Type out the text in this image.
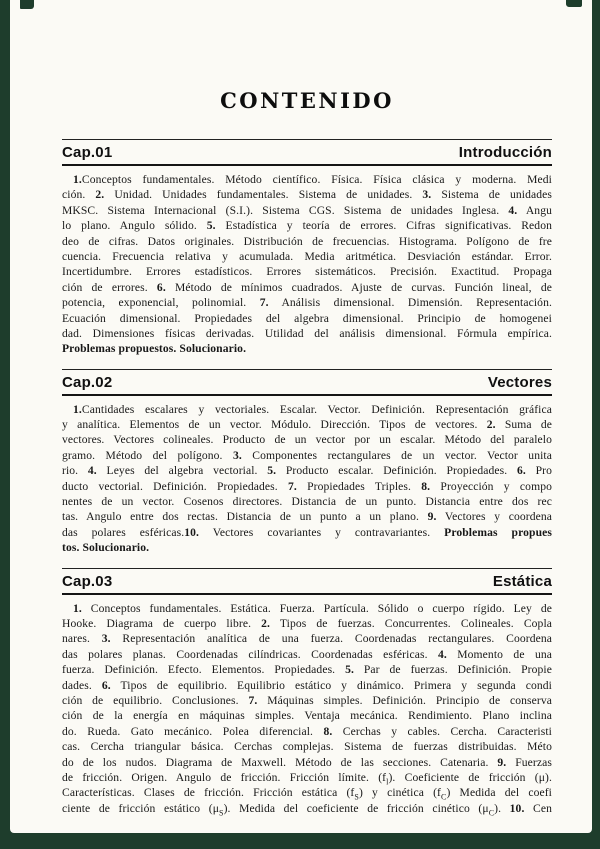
CONTENIDO
Cap.01	Introducción
1.Conceptos fundamentales. Método científico. Física. Física clásica y moderna. Medi
ción. 2. Unidad. Unidades fundamentales. Sistema de unidades. 3. Sistema de unidades
MKSC. Sistema Internacional (S.I.). Sistema CGS. Sistema de unidades Inglesa. 4. Angu
lo plano. Angulo sólido. 5. Estadística y teoría de errores. Cifras significativas. Redon
deo de cifras. Datos originales. Distribución de frecuencias. Histograma. Polígono de fre
cuencia. Frecuencia relativa y acumulada. Media aritmética. Desviación estándar. Error.
Incertidumbre. Errores estadísticos. Errores sistemáticos. Precisión. Exactitud. Propaga
ción de errores. 6. Método de mínimos cuadrados. Ajuste de curvas. Función lineal, de
potencia, exponencial, polinomial. 7. Análisis dimensional. Dimensión. Representación.
Ecuación dimensional. Propiedades del algebra dimensional. Principio de homogenei
dad. Dimensiones físicas derivadas. Utilidad del análisis dimensional. Fórmula empírica.
Problemas propuestos. Solucionario.
Cap.02	Vectores
1.Cantidades escalares y vectoriales. Escalar. Vector. Definición. Representación gráfica
y analítica. Elementos de un vector. Módulo. Dirección. Tipos de vectores. 2. Suma de
vectores. Vectores colineales. Producto de un vector por un escalar. Método del paralelo
gramo. Método del polígono. 3. Componentes rectangulares de un vector. Vector unita
rio. 4. Leyes del algebra vectorial. 5. Producto escalar. Definición. Propiedades. 6. Pro
ducto vectorial. Definición. Propiedades. 7. Propiedades Triples. 8. Proyección y compo
nentes de un vector. Cosenos directores. Distancia de un punto. Distancia entre dos rec
tas. Angulo entre dos rectas. Distancia de un punto a un plano. 9. Vectores y coordena
das polares esféricas.10. Vectores covariantes y contravariantes. Problemas propues
tos. Solucionario.
Cap.03	Estática
1. Conceptos fundamentales. Estática. Fuerza. Partícula. Sólido o cuerpo rígido. Ley de
Hooke. Diagrama de cuerpo libre. 2. Tipos de fuerzas. Concurrentes. Colineales. Copla
nares. 3. Representación analítica de una fuerza. Coordenadas rectangulares. Coordena
das polares planas. Coordenadas cilíndricas. Coordenadas esféricas. 4. Momento de una
fuerza. Definición. Efecto. Elementos. Propiedades. 5. Par de fuerzas. Definición. Propie
dades. 6. Tipos de equilibrio. Equilibrio estático y dinámico. Primera y segunda condi
ción de equilibrio. Conclusiones. 7. Máquinas simples. Definición. Principio de conserva
ción de la energía en máquinas simples. Ventaja mecánica. Rendimiento. Plano inclina
do. Rueda. Gato mecánico. Polea diferencial. 8. Cerchas y cables. Cercha. Caracteristi
cas. Cercha triangular básica. Cerchas complejas. Sistema de fuerzas distribuidas. Méto
do de los nudos. Diagrama de Maxwell. Método de las secciones. Catenaria. 9. Fuerzas
de fricción. Origen. Angulo de fricción. Fricción límite. $(f_l)$. Coeficiente de fricción (μ).
Características. Clases de fricción. Fricción estática $(f_S)$ y cinética $(f_C)$ Medida del coefi
ciente de fricción estático $(\mu_S)$. Medida del coeficiente de fricción cinético $(\mu_C)$. 10. Cen
